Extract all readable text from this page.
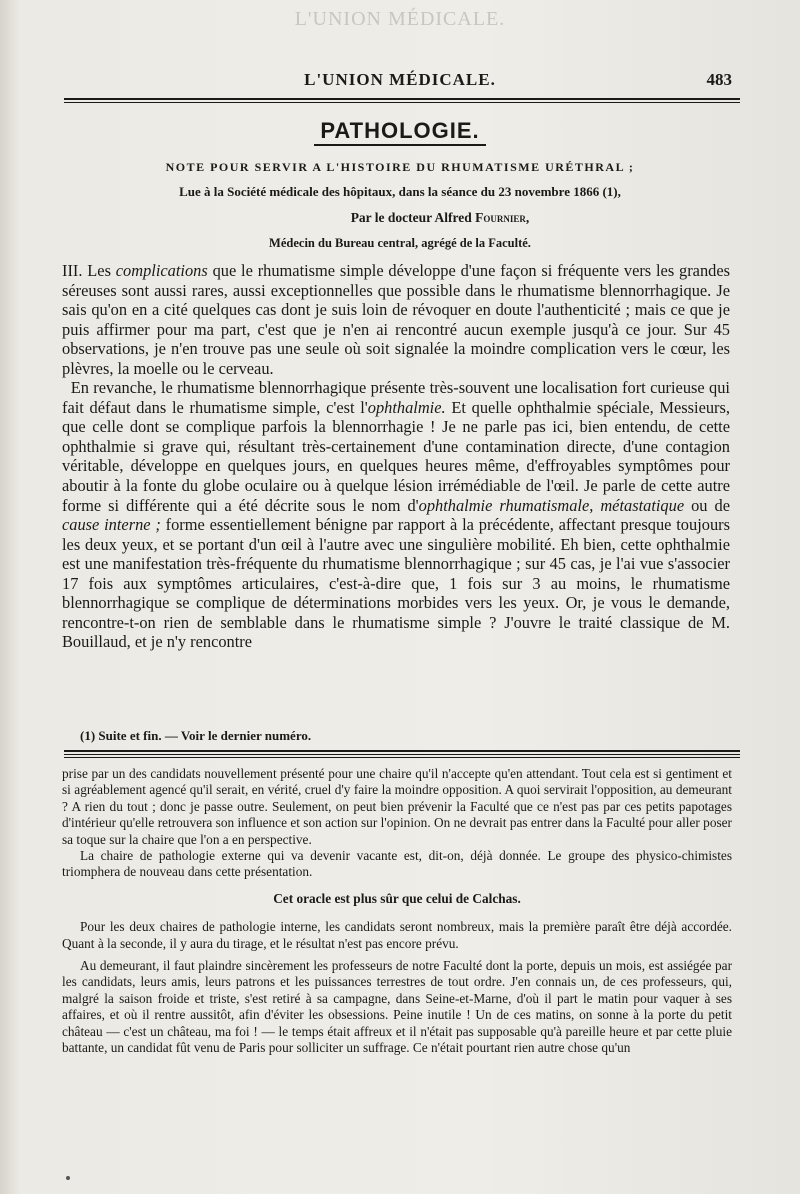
L'UNION MÉDICALE.
L'UNION MÉDICALE.	483
PATHOLOGIE.
NOTE POUR SERVIR A L'HISTOIRE DU RHUMATISME URÉTHRAL ;
Lue à la Société médicale des hôpitaux, dans la séance du 23 novembre 1866 (1),
Par le docteur Alfred Fournier,
Médecin du Bureau central, agrégé de la Faculté.

III. Les complications que le rhumatisme simple développe d'une façon si fréquente vers les grandes séreuses sont aussi rares, aussi exceptionnelles que possible dans le rhumatisme blennorrhagique. Je sais qu'on en a cité quelques cas dont je suis loin de révoquer en doute l'authenticité ; mais ce que je puis affirmer pour ma part, c'est que je n'en ai rencontré aucun exemple jusqu'à ce jour. Sur 45 observations, je n'en trouve pas une seule où soit signalée la moindre complication vers le cœur, les plèvres, la moelle ou le cerveau.

En revanche, le rhumatisme blennorrhagique présente très-souvent une localisation fort curieuse qui fait défaut dans le rhumatisme simple, c'est l'ophthalmie. Et quelle ophthalmie spéciale, Messieurs, que celle dont se complique parfois la blennorrhagie ! Je ne parle pas ici, bien entendu, de cette ophthalmie si grave qui, résultant très-certainement d'une contamination directe, d'une contagion véritable, développe en quelques jours, en quelques heures même, d'effroyables symptômes pour aboutir à la fonte du globe oculaire ou à quelque lésion irrémédiable de l'œil. Je parle de cette autre forme si différente qui a été décrite sous le nom d'ophthalmie rhumatismale, métastatique ou de cause interne ; forme essentiellement bénigne par rapport à la précédente, affectant presque toujours les deux yeux, et se portant d'un œil à l'autre avec une singulière mobilité. Eh bien, cette ophthalmie est une manifestation très-fréquente du rhumatisme blennorrhagique ; sur 45 cas, je l'ai vue s'associer 17 fois aux symptômes articulaires, c'est-à-dire que, 1 fois sur 3 au moins, le rhumatisme blennorrhagique se complique de déterminations morbides vers les yeux. Or, je vous le demande, rencontre-t-on rien de semblable dans le rhumatisme simple ? J'ouvre le traité classique de M. Bouillaud, et je n'y rencontre

(1) Suite et fin. — Voir le dernier numéro.

prise par un des candidats nouvellement présenté pour une chaire qu'il n'accepte qu'en attendant. Tout cela est si gentiment et si agréablement agencé qu'il serait, en vérité, cruel d'y faire la moindre opposition. A quoi servirait l'opposition, au demeurant ? A rien du tout ; donc je passe outre. Seulement, on peut bien prévenir la Faculté que ce n'est pas par ces petits papotages d'intérieur qu'elle retrouvera son influence et son action sur l'opinion. On ne devrait pas entrer dans la Faculté pour aller poser sa toque sur la chaire que l'on a en perspective.

La chaire de pathologie externe qui va devenir vacante est, dit-on, déjà donnée. Le groupe des physico-chimistes triomphera de nouveau dans cette présentation.

Cet oracle est plus sûr que celui de Calchas.

Pour les deux chaires de pathologie interne, les candidats seront nombreux, mais la première paraît être déjà accordée. Quant à la seconde, il y aura du tirage, et le résultat n'est pas encore prévu.

Au demeurant, il faut plaindre sincèrement les professeurs de notre Faculté dont la porte, depuis un mois, est assiégée par les candidats, leurs amis, leurs patrons et les puissances terrestres de tout ordre. J'en connais un, de ces professeurs, qui, malgré la saison froide et triste, s'est retiré à sa campagne, dans Seine-et-Marne, d'où il part le matin pour vaquer à ses affaires, et où il rentre aussitôt, afin d'éviter les obsessions. Peine inutile ! Un de ces matins, on sonne à la porte du petit château — c'est un château, ma foi ! — le temps était affreux et il n'était pas supposable qu'à pareille heure et par cette pluie battante, un candidat fût venu de Paris pour solliciter un suffrage. Ce n'était pourtant rien autre chose qu'un
